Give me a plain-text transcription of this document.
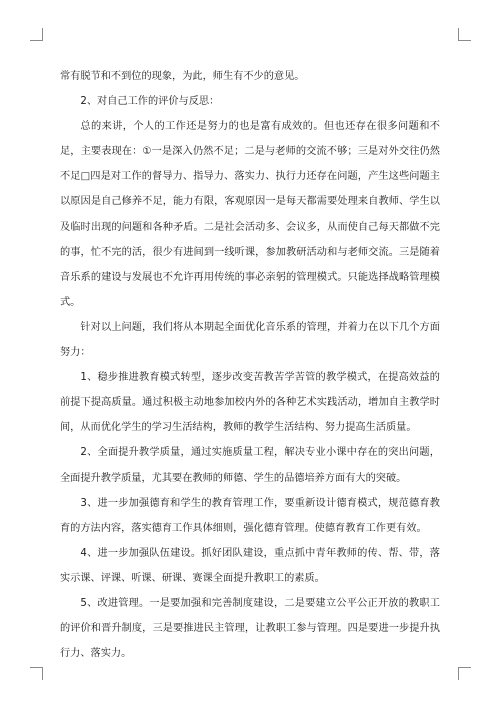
常有脱节和不到位的现象，为此，师生有不少的意见。

2、对自己工作的评价与反思：

总的来讲，个人的工作还是努力的也是富有成效的。但也还存在很多问题和不足，主要表现在：①一是深入仍然不足；二是与老师的交流不够；三是对外交往仍然不足□四是对工作的督导力、指导力、落实力、执行力还存在问题，产生这些问题主以原因是自己修养不足，能力有限，客观原因一是每天都需要处理来自教师、学生以及临时出现的问题和各种矛盾。二是社会活动多、会议多，从而使自己每天都做不完的事，忙不完的活，很少有进间到一线听课，参加教研活动和与老师交流。三是随着音乐系的建设与发展也不允许再用传统的事必亲躬的管理模式。只能选择战略管理模式。

针对以上问题，我们将从本期起全面优化音乐系的管理，并着力在以下几个方面努力：

1、稳步推进教育模式转型，逐步改变苦教苦学苦管的教学模式，在提高效益的前提下提高质量。通过积极主动地参加校内外的各种艺术实践活动，增加自主教学时间，从而优化学生的学习生活结构，教师的教学生活结构、努力提高生活质量。

2、全面提升教学质量，通过实施质量工程，解决专业小课中存在的突出问题，全面提升教学质量，尤其要在教师的师德、学生的品德培养方面有大的突破。

3、进一步加强德育和学生的教育管理工作，要重新设计德育模式，规范德育教育的方法内容，落实德育工作具体细则，强化德育管理。使德育教育工作更有效。

4、进一步加强队伍建设。抓好团队建设，重点抓中青年教师的传、帮、带，落实示课、评课、听课、研课、赛课全面提升教职工的素质。

5、改进管理。一是要加强和完善制度建设，二是要建立公平公正开放的教职工的评价和晋升制度，三是要推进民主管理，让教职工参与管理。四是要进一步提升执行力、落实力。
